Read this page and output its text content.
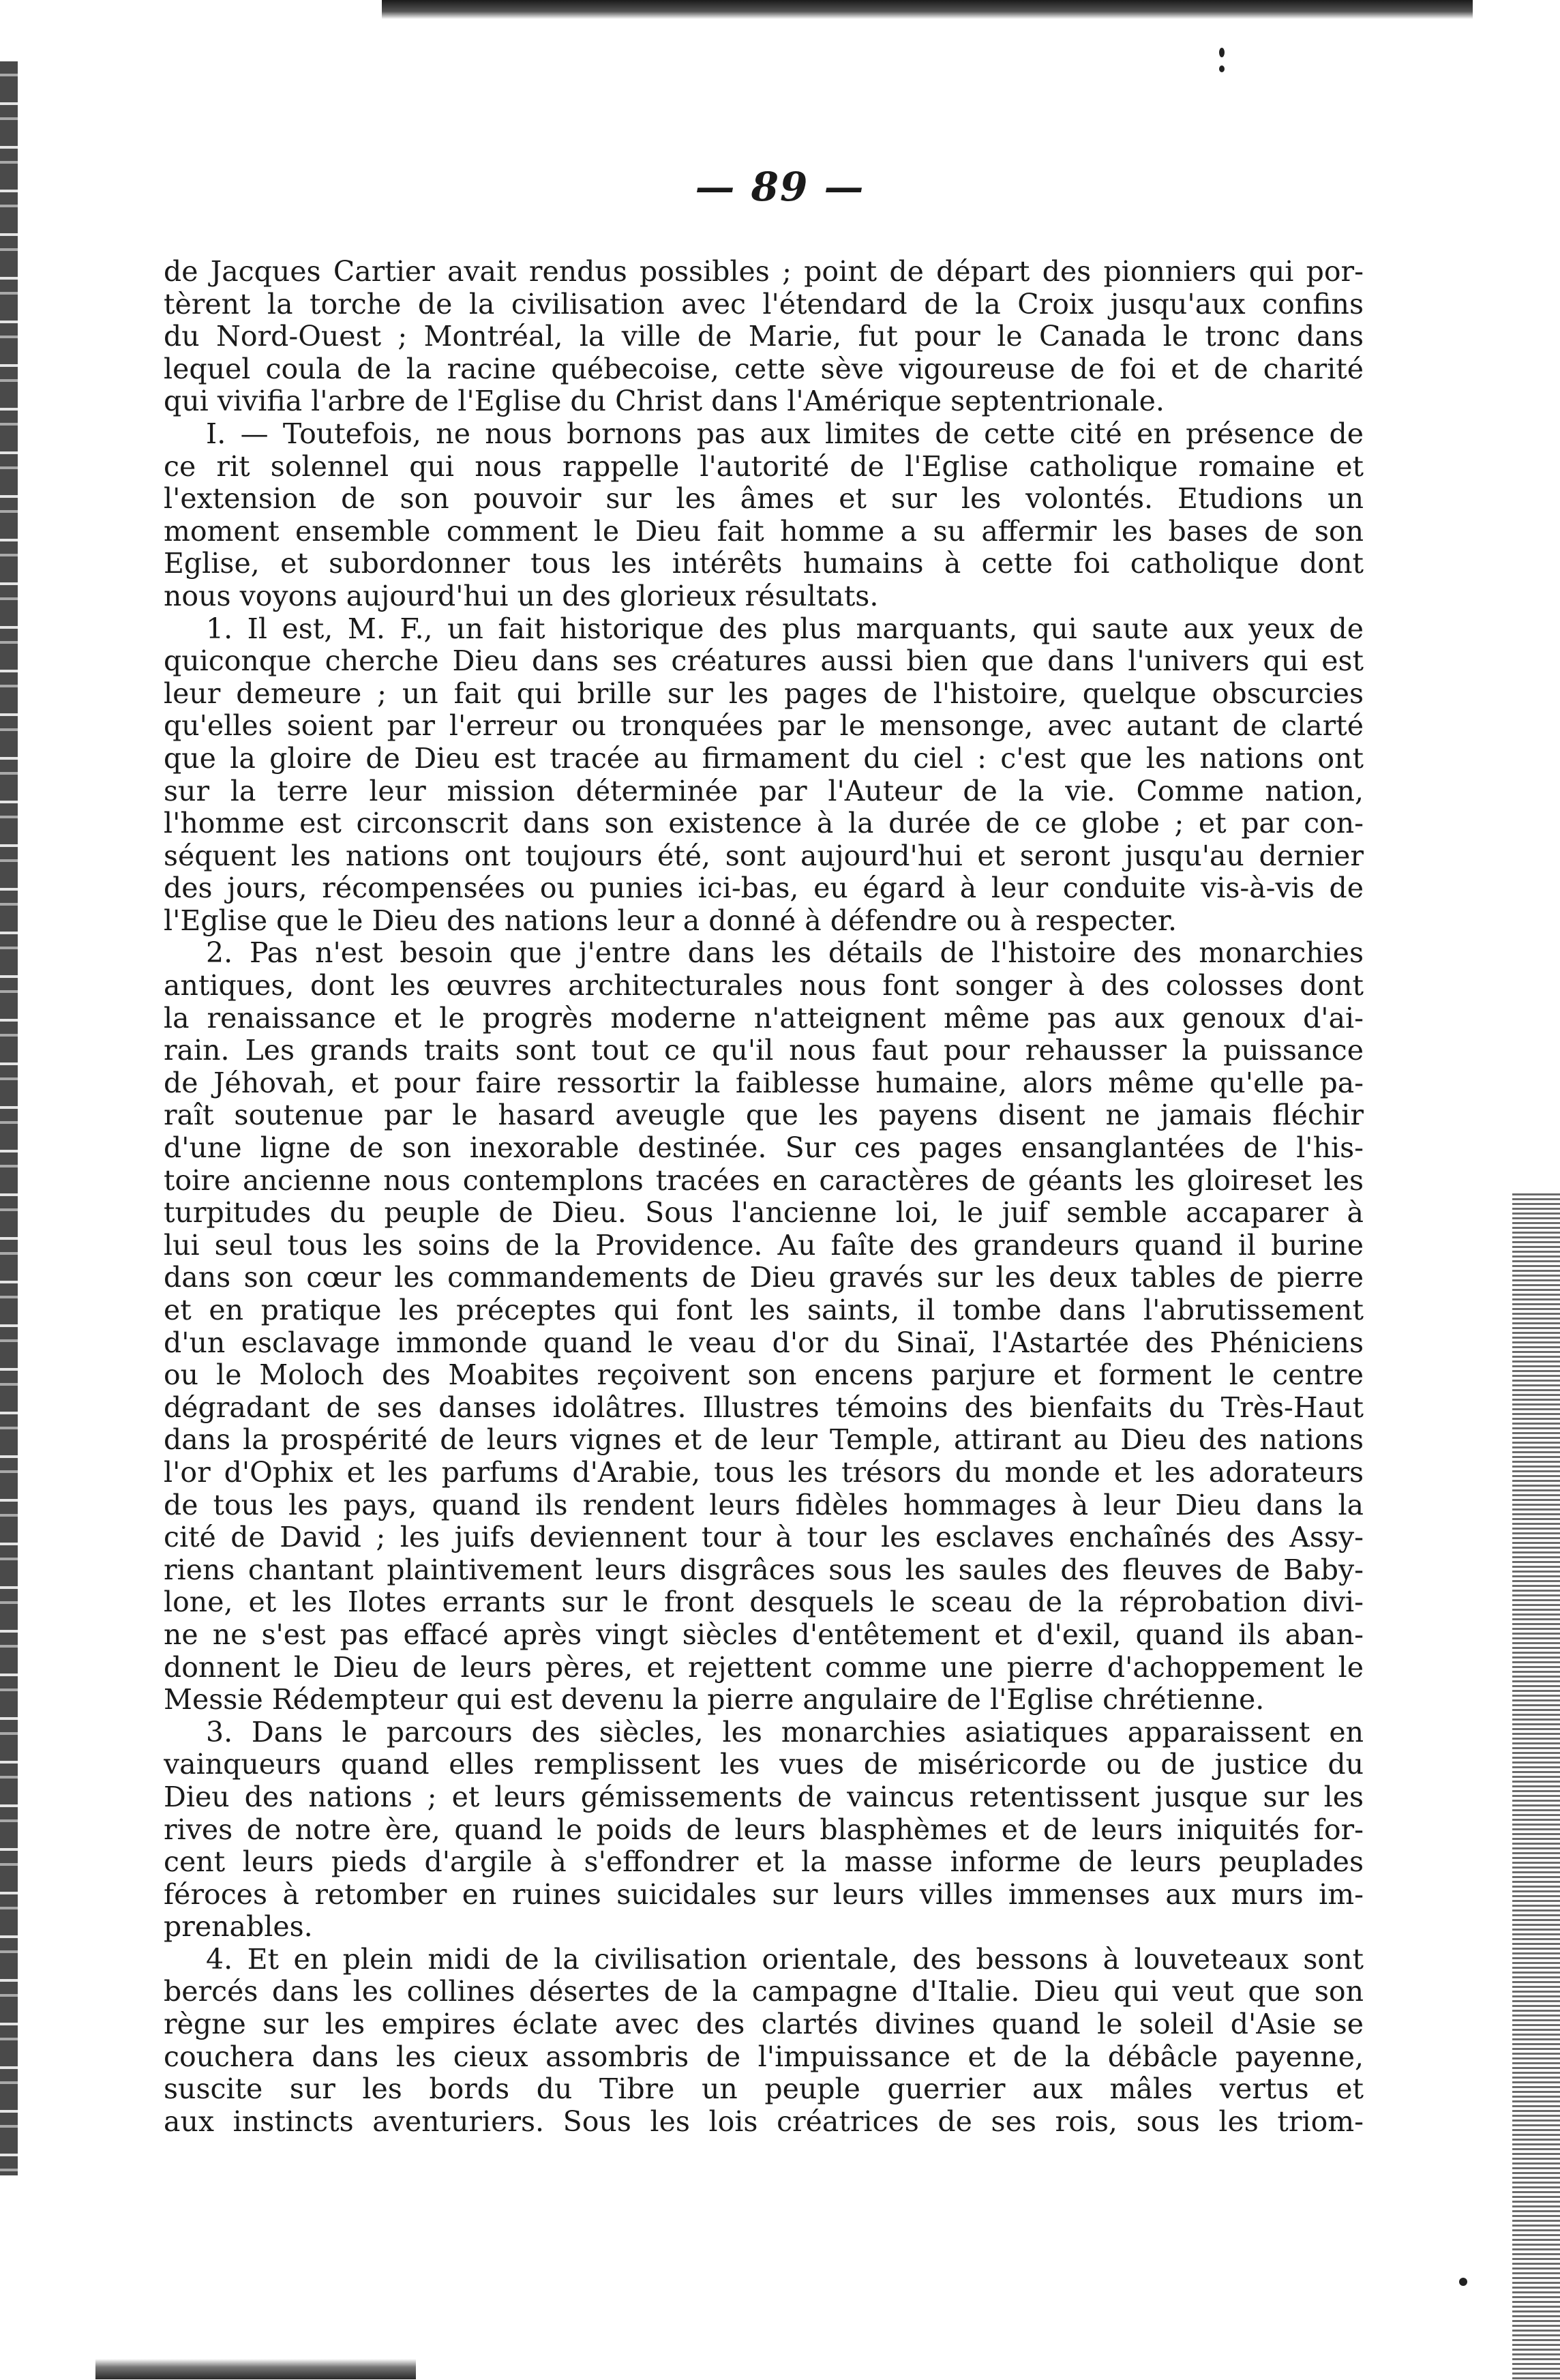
— 89 —
de Jacques Cartier avait rendus possibles ; point de départ des pionniers qui por-
tèrent la torche de la civilisation avec l'étendard de la Croix jusqu'aux confins
du Nord-Ouest ; Montréal, la ville de Marie, fut pour le Canada le tronc dans
lequel coula de la racine québecoise, cette sève vigoureuse de foi et de charité
qui vivifia l'arbre de l'Eglise du Christ dans l'Amérique septentrionale.
I. — Toutefois, ne nous bornons pas aux limites de cette cité en présence de
ce rit solennel qui nous rappelle l'autorité de l'Eglise catholique romaine et
l'extension de son pouvoir sur les âmes et sur les volontés. Etudions un
moment ensemble comment le Dieu fait homme a su affermir les bases de son
Eglise, et subordonner tous les intérêts humains à cette foi catholique dont
nous voyons aujourd'hui un des glorieux résultats.
1. Il est, M. F., un fait historique des plus marquants, qui saute aux yeux de
quiconque cherche Dieu dans ses créatures aussi bien que dans l'univers qui est
leur demeure ; un fait qui brille sur les pages de l'histoire, quelque obscurcies
qu'elles soient par l'erreur ou tronquées par le mensonge, avec autant de clarté
que la gloire de Dieu est tracée au firmament du ciel : c'est que les nations ont
sur la terre leur mission déterminée par l'Auteur de la vie. Comme nation,
l'homme est circonscrit dans son existence à la durée de ce globe ; et par con-
séquent les nations ont toujours été, sont aujourd'hui et seront jusqu'au dernier
des jours, récompensées ou punies ici-bas, eu égard à leur conduite vis-à-vis de
l'Eglise que le Dieu des nations leur a donné à défendre ou à respecter.
2. Pas n'est besoin que j'entre dans les détails de l'histoire des monarchies
antiques, dont les œuvres architecturales nous font songer à des colosses dont
la renaissance et le progrès moderne n'atteignent même pas aux genoux d'ai-
rain. Les grands traits sont tout ce qu'il nous faut pour rehausser la puissance
de Jéhovah, et pour faire ressortir la faiblesse humaine, alors même qu'elle pa-
raît soutenue par le hasard aveugle que les payens disent ne jamais fléchir
d'une ligne de son inexorable destinée. Sur ces pages ensanglantées de l'his-
toire ancienne nous contemplons tracées en caractères de géants les gloireset les
turpitudes du peuple de Dieu. Sous l'ancienne loi, le juif semble accaparer à
lui seul tous les soins de la Providence. Au faîte des grandeurs quand il burine
dans son cœur les commandements de Dieu gravés sur les deux tables de pierre
et en pratique les préceptes qui font les saints, il tombe dans l'abrutissement
d'un esclavage immonde quand le veau d'or du Sinaï, l'Astartée des Phéniciens
ou le Moloch des Moabites reçoivent son encens parjure et forment le centre
dégradant de ses danses idolâtres. Illustres témoins des bienfaits du Très-Haut
dans la prospérité de leurs vignes et de leur Temple, attirant au Dieu des nations
l'or d'Ophix et les parfums d'Arabie, tous les trésors du monde et les adorateurs
de tous les pays, quand ils rendent leurs fidèles hommages à leur Dieu dans la
cité de David ; les juifs deviennent tour à tour les esclaves enchaînés des Assy-
riens chantant plaintivement leurs disgrâces sous les saules des fleuves de Baby-
lone, et les Ilotes errants sur le front desquels le sceau de la réprobation divi-
ne ne s'est pas effacé après vingt siècles d'entêtement et d'exil, quand ils aban-
donnent le Dieu de leurs pères, et rejettent comme une pierre d'achoppement le
Messie Rédempteur qui est devenu la pierre angulaire de l'Eglise chrétienne.
3. Dans le parcours des siècles, les monarchies asiatiques apparaissent en
vainqueurs quand elles remplissent les vues de miséricorde ou de justice du
Dieu des nations ; et leurs gémissements de vaincus retentissent jusque sur les
rives de notre ère, quand le poids de leurs blasphèmes et de leurs iniquités for-
cent leurs pieds d'argile à s'effondrer et la masse informe de leurs peuplades
féroces à retomber en ruines suicidales sur leurs villes immenses aux murs im-
prenables.
4. Et en plein midi de la civilisation orientale, des bessons à louveteaux sont
bercés dans les collines désertes de la campagne d'Italie. Dieu qui veut que son
règne sur les empires éclate avec des clartés divines quand le soleil d'Asie se
couchera dans les cieux assombris de l'impuissance et de la débâcle payenne,
suscite sur les bords du Tibre un peuple guerrier aux mâles vertus et
aux instincts aventuriers. Sous les lois créatrices de ses rois, sous les triom-
